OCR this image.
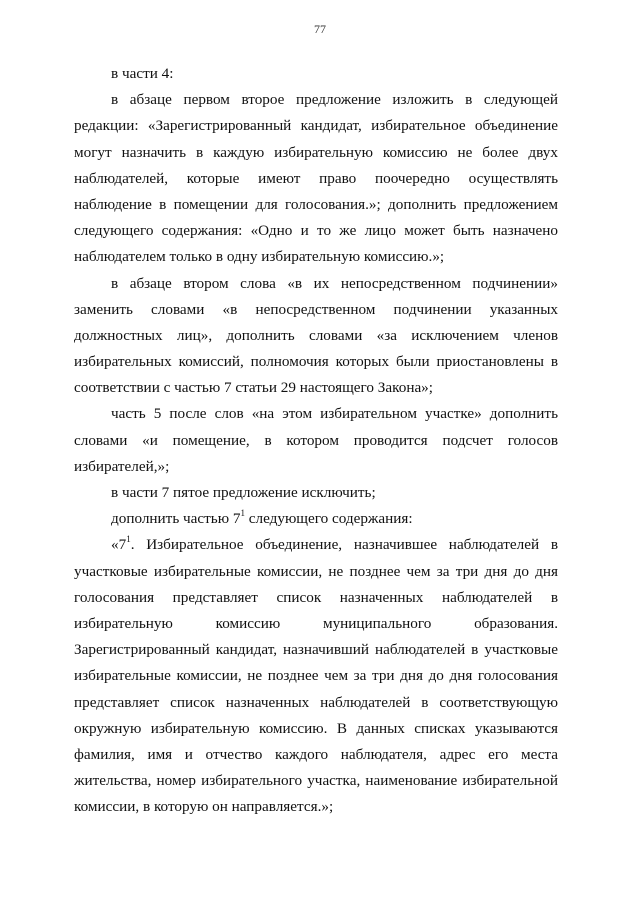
77
в части 4:
в абзаце первом второе предложение изложить в следующей
редакции: «Зарегистрированный кандидат, избирательное объединение
могут назначить в каждую избирательную комиссию не более двух
наблюдателей, которые имеют право поочередно осуществлять
наблюдение в помещении для голосования.»; дополнить предложением
следующего содержания: «Одно и то же лицо может быть назначено
наблюдателем только в одну избирательную комиссию.»;
в абзаце втором слова «в их непосредственном подчинении»
заменить словами «в непосредственном подчинении указанных
должностных лиц», дополнить словами «за исключением членов
избирательных комиссий, полномочия которых были приостановлены в
соответствии с частью 7 статьи 29 настоящего Закона»;
часть 5 после слов «на этом избирательном участке» дополнить
словами «и помещение, в котором проводится подсчет голосов
избирателей,»;
в части 7 пятое предложение исключить;
дополнить частью $7^1$ следующего содержания:
«$7^1$. Избирательное объединение, назначившее наблюдателей в
участковые избирательные комиссии, не позднее чем за три дня до дня
голосования представляет список назначенных наблюдателей в
избирательную комиссию муниципального образования.
Зарегистрированный кандидат, назначивший наблюдателей в участковые
избирательные комиссии, не позднее чем за три дня до дня голосования
представляет список назначенных наблюдателей в соответствующую
окружную избирательную комиссию. В данных списках указываются
фамилия, имя и отчество каждого наблюдателя, адрес его места
жительства, номер избирательного участка, наименование избирательной
комиссии, в которую он направляется.»;
